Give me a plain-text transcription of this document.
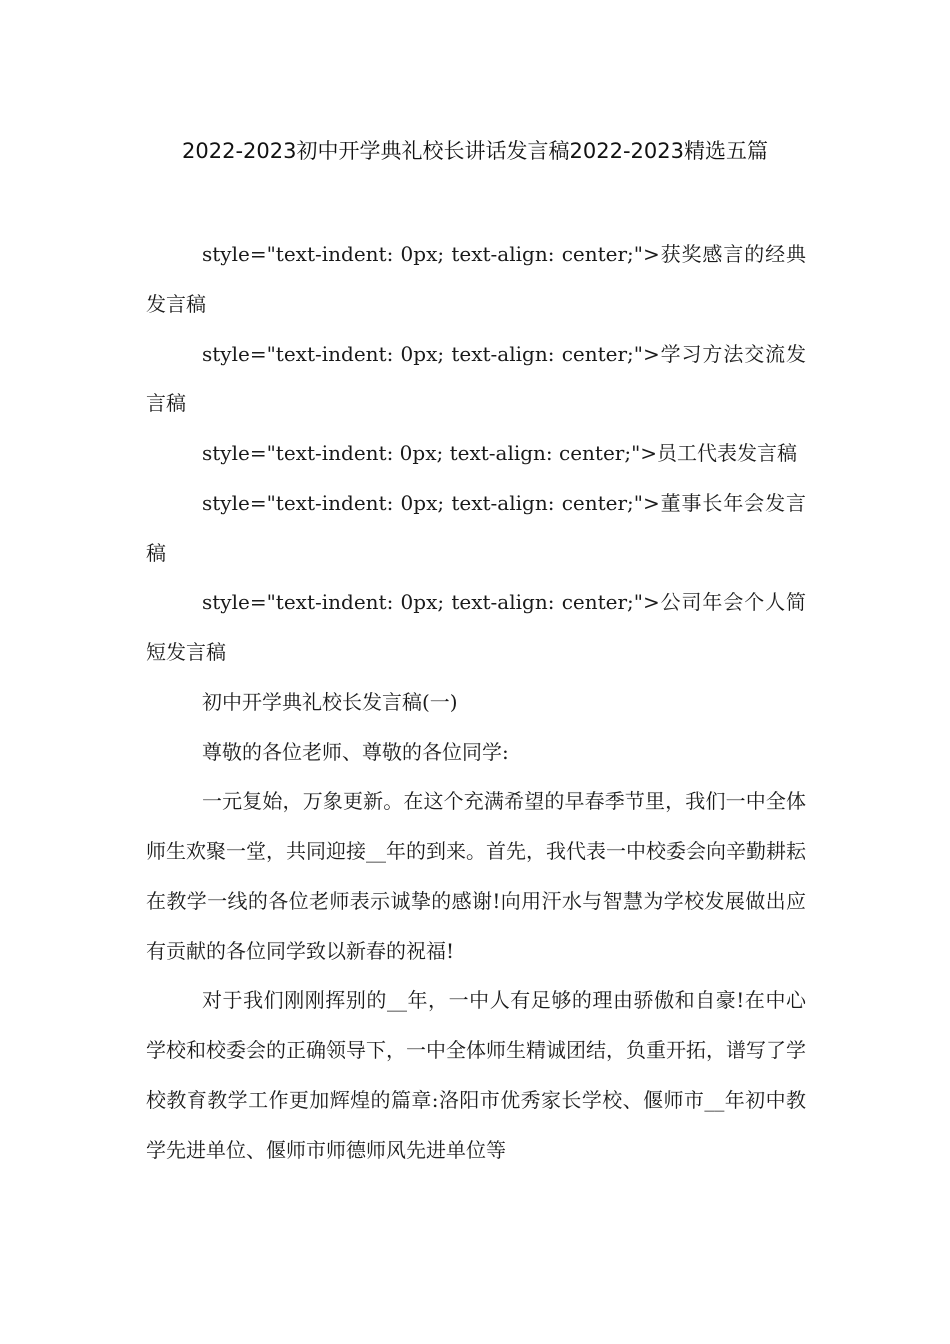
2022-2023初中开学典礼校长讲话发言稿2022-2023精选五篇

style="text-indent: 0px; text-align: center;">获奖感言的经典发言稿

style="text-indent: 0px; text-align: center;">学习方法交流发言稿

style="text-indent: 0px; text-align: center;">员工代表发言稿

style="text-indent: 0px; text-align: center;">董事长年会发言稿

style="text-indent: 0px; text-align: center;">公司年会个人简短发言稿

初中开学典礼校长发言稿(一)

尊敬的各位老师、尊敬的各位同学:

一元复始，万象更新。在这个充满希望的早春季节里，我们一中全体师生欢聚一堂，共同迎接__年的到来。首先，我代表一中校委会向辛勤耕耘在教学一线的各位老师表示诚挚的感谢!向用汗水与智慧为学校发展做出应有贡献的各位同学致以新春的祝福!

对于我们刚刚挥别的__年，一中人有足够的理由骄傲和自豪!在中心学校和校委会的正确领导下，一中全体师生精诚团结，负重开拓，谱写了学校教育教学工作更加辉煌的篇章:洛阳市优秀家长学校、偃师市__年初中教学先进单位、偃师市师德师风先进单位等
